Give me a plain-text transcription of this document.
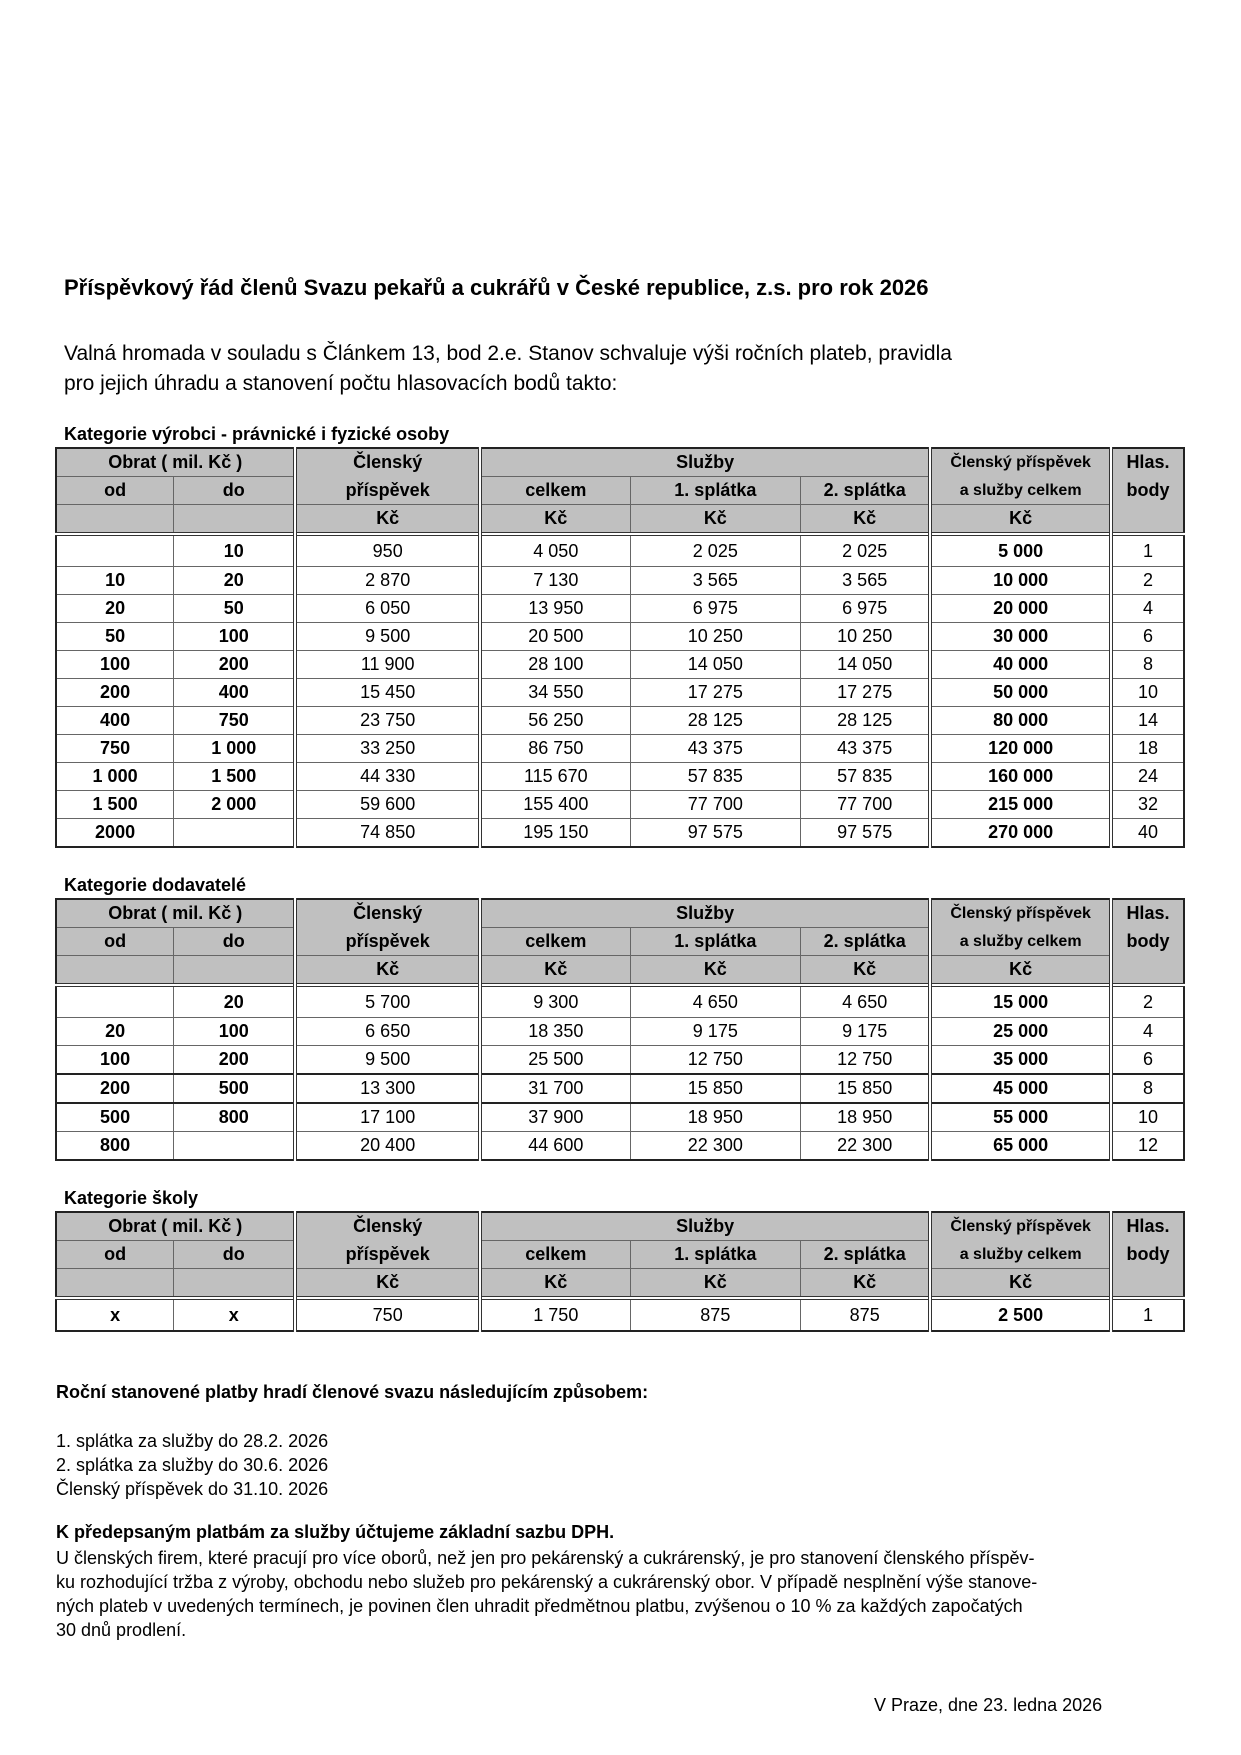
Příspěvkový řád členů Svazu pekařů a cukrářů v České republice, z.s. pro rok 2026
Valná hromada v souladu s Článkem 13, bod 2.e. Stanov schvaluje výši ročních plateb, pravidla
pro jejich úhradu a stanovení počtu hlasovacích bodů takto:
Kategorie výrobci - právnické i fyzické osoby
Obrat ( mil. Kč )		Členský	Služby			Členský příspěvek	Hlas.
od	do	příspěvek	celkem	1. splátka	2. splátka	a služby celkem	body
		Kč	Kč	Kč	Kč	Kč	
	10	950	4 050	2 025	2 025	5 000	1
10	20	2 870	7 130	3 565	3 565	10 000	2
20	50	6 050	13 950	6 975	6 975	20 000	4
50	100	9 500	20 500	10 250	10 250	30 000	6
100	200	11 900	28 100	14 050	14 050	40 000	8
200	400	15 450	34 550	17 275	17 275	50 000	10
400	750	23 750	56 250	28 125	28 125	80 000	14
750	1 000	33 250	86 750	43 375	43 375	120 000	18
1 000	1 500	44 330	115 670	57 835	57 835	160 000	24
1 500	2 000	59 600	155 400	77 700	77 700	215 000	32
2000		74 850	195 150	97 575	97 575	270 000	40
Kategorie dodavatelé
Obrat ( mil. Kč )		Členský	Služby			Členský příspěvek	Hlas.
od	do	příspěvek	celkem	1. splátka	2. splátka	a služby celkem	body
		Kč	Kč	Kč	Kč	Kč	
	20	5 700	9 300	4 650	4 650	15 000	2
20	100	6 650	18 350	9 175	9 175	25 000	4
100	200	9 500	25 500	12 750	12 750	35 000	6
200	500	13 300	31 700	15 850	15 850	45 000	8
500	800	17 100	37 900	18 950	18 950	55 000	10
800		20 400	44 600	22 300	22 300	65 000	12
Kategorie školy
Obrat ( mil. Kč )		Členský	Služby			Členský příspěvek	Hlas.
od	do	příspěvek	celkem	1. splátka	2. splátka	a služby celkem	body
		Kč	Kč	Kč	Kč	Kč	
x	x	750	1 750	875	875	2 500	1
Roční stanovené platby hradí členové svazu následujícím způsobem:
1. splátka za služby do 28.2. 2026
2. splátka za služby do 30.6. 2026
Členský příspěvek do 31.10. 2026
K předepsaným platbám za služby účtujeme základní sazbu DPH.
U členských firem, které pracují pro více oborů, než jen pro pekárenský a cukrárenský, je pro stanovení členského příspěv-
ku rozhodující tržba z výroby, obchodu nebo služeb pro pekárenský a cukrárenský obor. V případě nesplnění výše stanove-
ných plateb v uvedených termínech, je povinen člen uhradit předmětnou platbu, zvýšenou o 10 % za každých započatých
30 dnů prodlení.
V Praze, dne 23. ledna 2026
